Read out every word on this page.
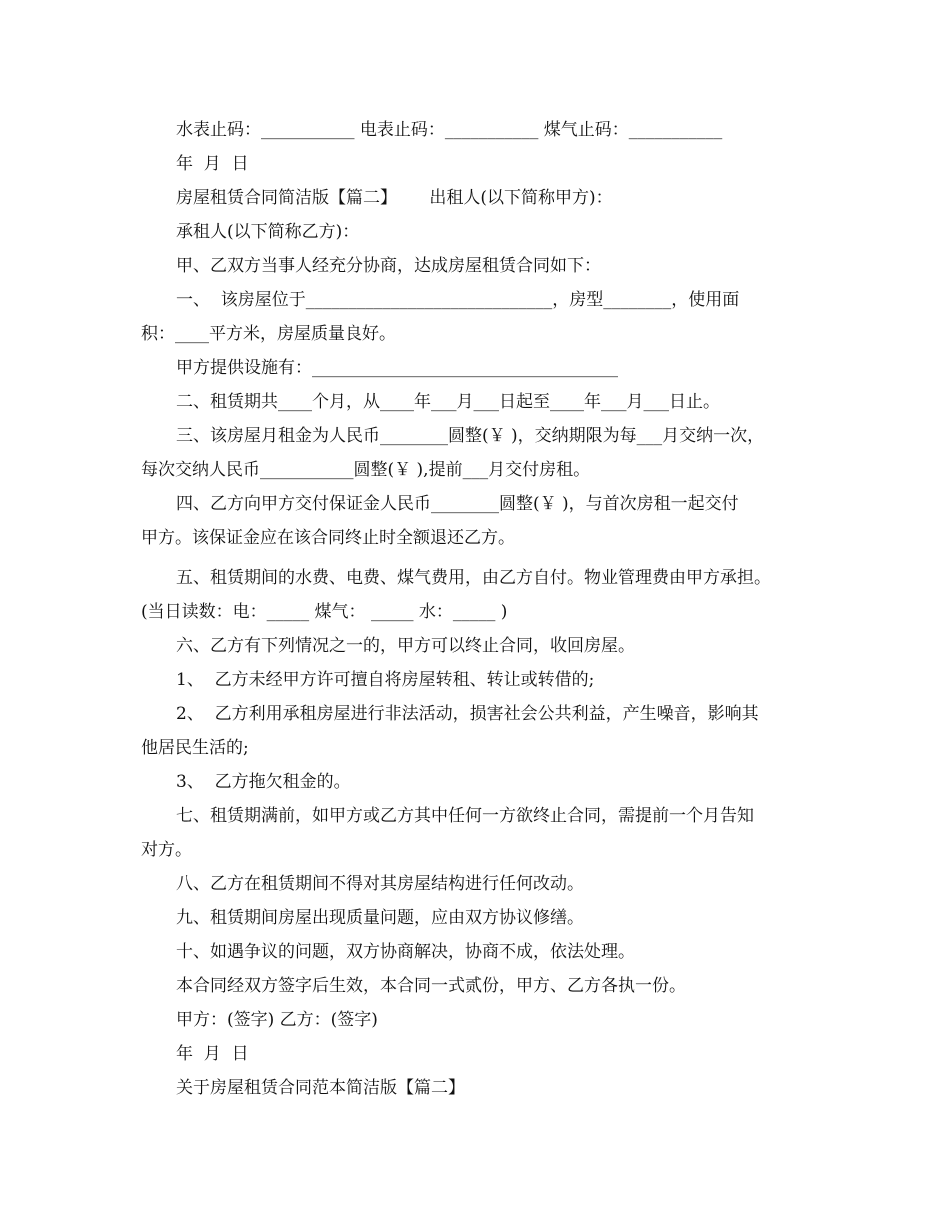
水表止码：___________ 电表止码：___________ 煤气止码：___________
年  月  日
房屋租赁合同简洁版【篇二】      出租人(以下简称甲方)：
承租人(以下简称乙方)：
甲、乙双方当事人经充分协商，达成房屋租赁合同如下：
一、  该房屋位于_____________________________，房型________，使用面
积：____平方米，房屋质量良好。
甲方提供设施有：____________________________________
二、租赁期共____个月，从____年___月___日起至____年___月___日止。
三、该房屋月租金为人民币________圆整(￥ )，交纳期限为每___月交纳一次，
每次交纳人民币___________圆整(￥ ),提前___月交付房租。
四、乙方向甲方交付保证金人民币________圆整(￥ )，与首次房租一起交付
甲方。该保证金应在该合同终止时全额退还乙方。
五、租赁期间的水费、电费、煤气费用，由乙方自付。物业管理费由甲方承担。
(当日读数：电：_____ 煤气： _____ 水：_____ )
六、乙方有下列情况之一的，甲方可以终止合同，收回房屋。
1、  乙方未经甲方许可擅自将房屋转租、转让或转借的;
2、  乙方利用承租房屋进行非法活动，损害社会公共利益，产生噪音，影响其
他居民生活的;
3、  乙方拖欠租金的。
七、租赁期满前，如甲方或乙方其中任何一方欲终止合同，需提前一个月告知
对方。
八、乙方在租赁期间不得对其房屋结构进行任何改动。
九、租赁期间房屋出现质量问题，应由双方协议修缮。
十、如遇争议的问题，双方协商解决，协商不成，依法处理。
本合同经双方签字后生效，本合同一式贰份，甲方、乙方各执一份。
甲方：(签字) 乙方：(签字)
年  月  日
关于房屋租赁合同范本简洁版【篇二】
